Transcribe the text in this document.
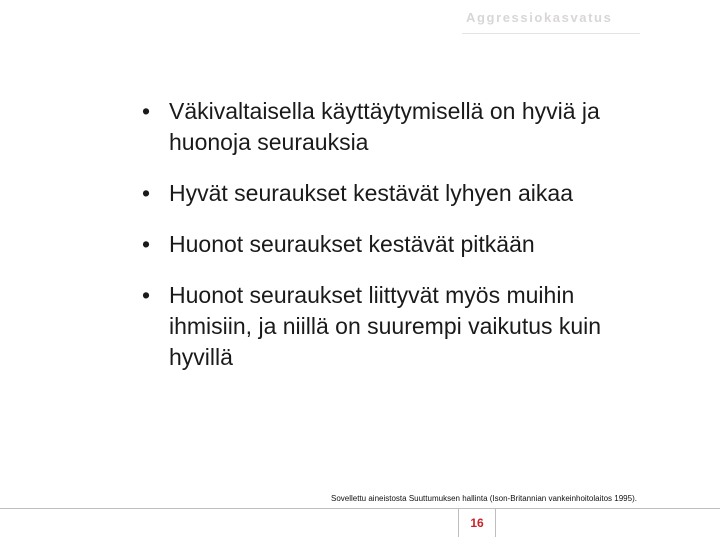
Aggressiokasvatus
• Väkivaltaisella käyttäytymisellä on hyviä ja huonoja seurauksia
• Hyvät seuraukset kestävät lyhyen aikaa
• Huonot seuraukset kestävät pitkään
• Huonot seuraukset liittyvät myös muihin ihmisiin, ja niillä on suurempi vaikutus kuin hyvillä
Sovellettu aineistosta Suuttumuksen hallinta (Ison-Britannian vankeinhoitolaitos 1995).
16
